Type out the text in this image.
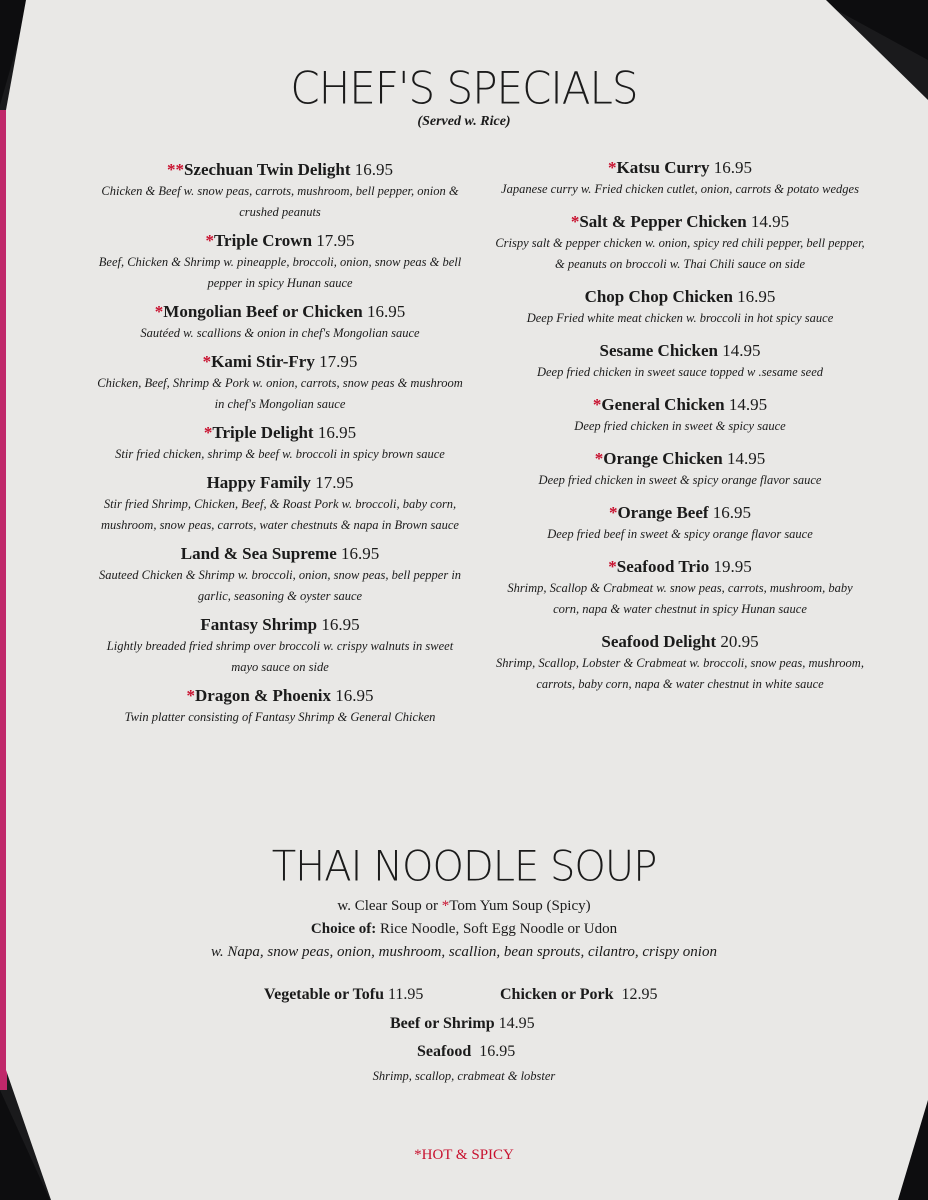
CHEF'S SPECIALS
(Served w. Rice)
**Szechuan Twin Delight 16.95
Chicken & Beef w. snow peas, carrots, mushroom, bell pepper, onion & crushed peanuts
*Triple Crown 17.95
Beef, Chicken & Shrimp w. pineapple, broccoli, onion, snow peas & bell pepper in spicy Hunan sauce
*Mongolian Beef or Chicken 16.95
Sautéed w. scallions & onion in chef's Mongolian sauce
*Kami Stir-Fry 17.95
Chicken, Beef, Shrimp & Pork w. onion, carrots, snow peas & mushroom in chef's Mongolian sauce
*Triple Delight 16.95
Stir fried chicken, shrimp & beef w. broccoli in spicy brown sauce
Happy Family 17.95
Stir fried Shrimp, Chicken, Beef, & Roast Pork w. broccoli, baby corn, mushroom, snow peas, carrots, water chestnuts & napa in Brown sauce
Land & Sea Supreme 16.95
Sauteed Chicken & Shrimp w. broccoli, onion, snow peas, bell pepper in garlic, seasoning & oyster sauce
Fantasy Shrimp 16.95
Lightly breaded fried shrimp over broccoli w. crispy walnuts in sweet mayo sauce on side
*Dragon & Phoenix 16.95
Twin platter consisting of Fantasy Shrimp & General Chicken
*Katsu Curry 16.95
Japanese curry w. Fried chicken cutlet, onion, carrots & potato wedges
*Salt & Pepper Chicken 14.95
Crispy salt & pepper chicken w. onion, spicy red chili pepper, bell pepper, & peanuts on broccoli w. Thai Chili sauce on side
Chop Chop Chicken 16.95
Deep Fried white meat chicken w. broccoli in hot spicy sauce
Sesame Chicken 14.95
Deep fried chicken in sweet sauce topped w .sesame seed
*General Chicken 14.95
Deep fried chicken in sweet & spicy sauce
*Orange Chicken 14.95
Deep fried chicken in sweet & spicy orange flavor sauce
*Orange Beef 16.95
Deep fried beef in sweet & spicy orange flavor sauce
*Seafood Trio 19.95
Shrimp, Scallop & Crabmeat w. snow peas, carrots, mushroom, baby corn, napa & water chestnut in spicy Hunan sauce
Seafood Delight 20.95
Shrimp, Scallop, Lobster & Crabmeat w. broccoli, snow peas, mushroom, carrots, baby corn, napa & water chestnut in white sauce
THAI NOODLE SOUP
w. Clear Soup or *Tom Yum Soup (Spicy)
Choice of: Rice Noodle, Soft Egg Noodle or Udon
w. Napa, snow peas, onion, mushroom, scallion, bean sprouts, cilantro, crispy onion
Vegetable or Tofu 11.95	Chicken or Pork 12.95
Beef or Shrimp 14.95
Seafood 16.95
Shrimp, scallop, crabmeat & lobster
*HOT & SPICY
